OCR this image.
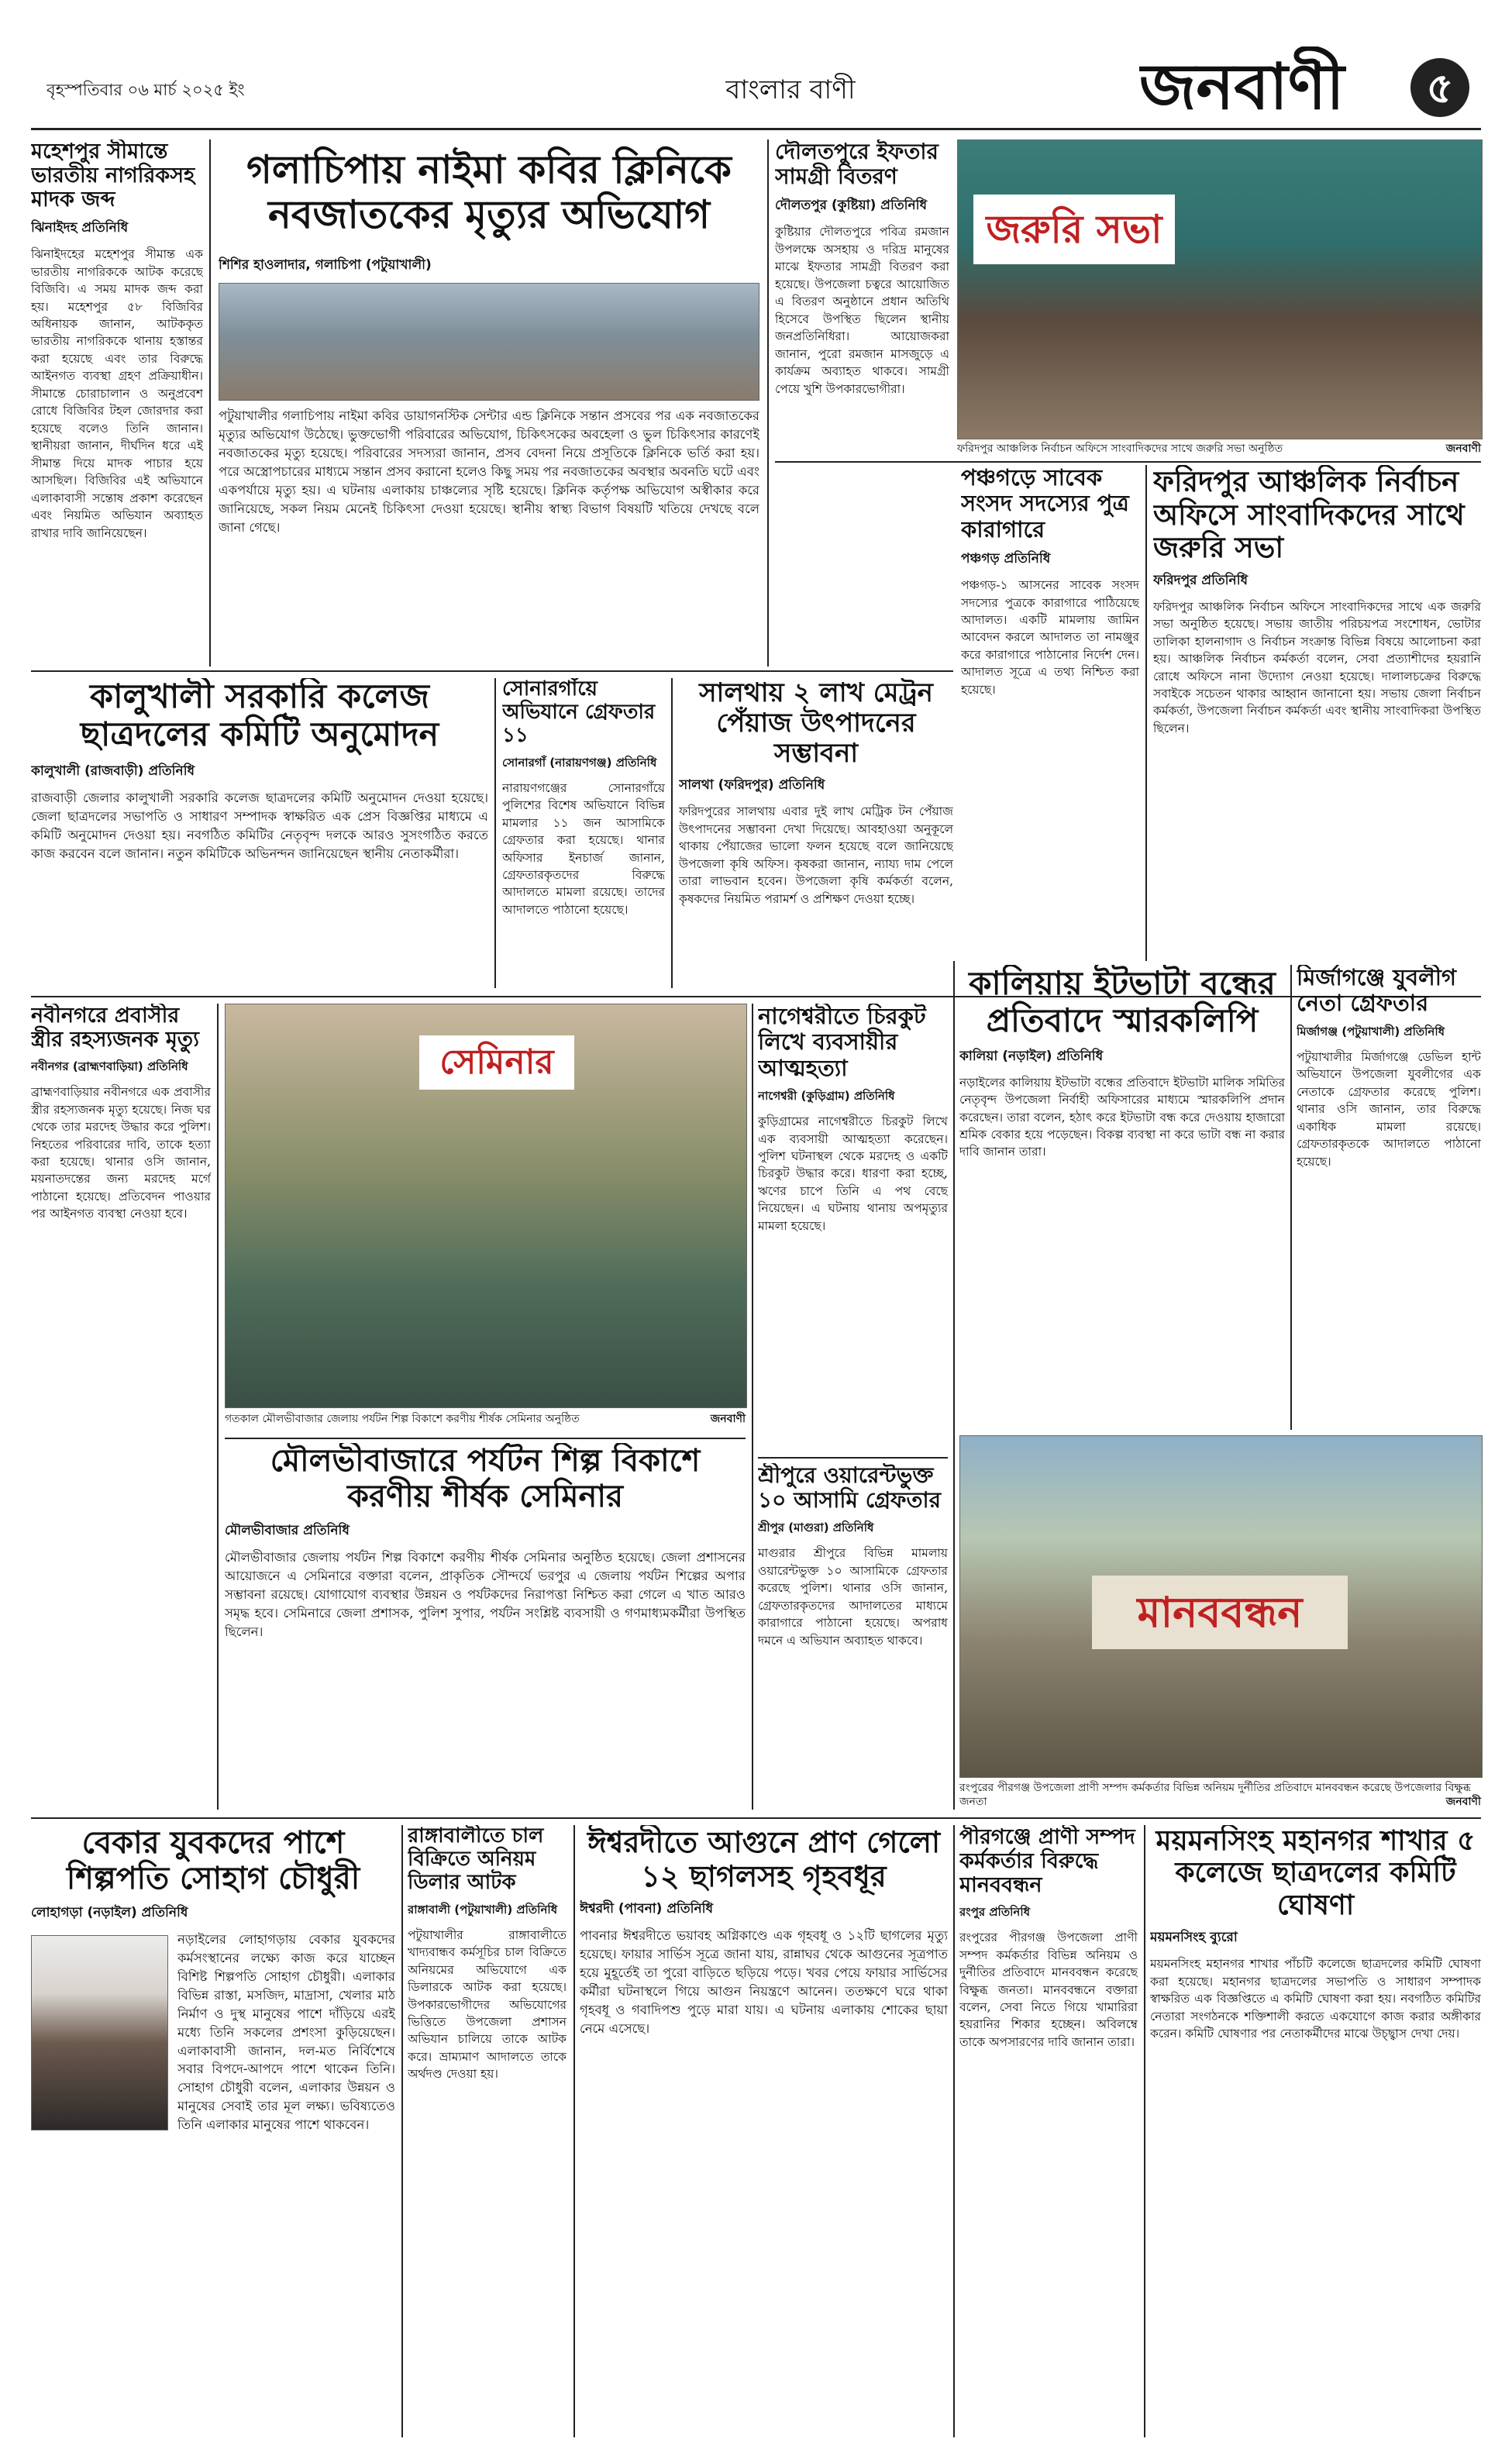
বৃহস্পতিবার ০৬ মার্চ ২০২৫ ইং	বাংলার বাণী	জনবাণী	৫
মহেশপুর সীমান্তে ভারতীয় নাগরিকসহ মাদক জব্দ
ঝিনাইদহ প্রতিনিধি

ঝিনাইদহের মহেশপুর সীমান্ত এক ভারতীয় নাগরিককে আটক করেছে বিজিবি। এ সময় মাদক জব্দ করা হয়। মহেশপুর ৫৮ বিজিবির অধিনায়ক জানান, আটককৃত ভারতীয় নাগরিককে থানায় হস্তান্তর করা হয়েছে এবং তার বিরুদ্ধে আইনগত ব্যবস্থা গ্রহণ প্রক্রিয়াধীন। সীমান্তে চোরাচালান ও অনুপ্রবেশ রোধে বিজিবির টহল জোরদার করা হয়েছে বলেও তিনি জানান। স্থানীয়রা জানান, দীর্ঘদিন ধরে এই সীমান্ত দিয়ে মাদক পাচার হয়ে আসছিল। বিজিবির এই অভিযানে এলাকাবাসী সন্তোষ প্রকাশ করেছেন এবং নিয়মিত অভিযান অব্যাহত রাখার দাবি জানিয়েছেন।

গলাচিপায় নাইমা কবির ক্লিনিকে নবজাতকের মৃত্যুর অভিযোগ
শিশির হাওলাদার, গলাচিপা (পটুয়াখালী)

পটুয়াখালীর গলাচিপায় নাইমা কবির ডায়াগনস্টিক সেন্টার এন্ড ক্লিনিকে সন্তান প্রসবের পর এক নবজাতকের মৃত্যুর অভিযোগ উঠেছে। ভুক্তভোগী পরিবারের অভিযোগ, চিকিৎসকের অবহেলা ও ভুল চিকিৎসার কারণেই নবজাতকের মৃত্যু হয়েছে। পরিবারের সদস্যরা জানান, প্রসব বেদনা নিয়ে প্রসূতিকে ক্লিনিকে ভর্তি করা হয়। পরে অস্ত্রোপচারের মাধ্যমে সন্তান প্রসব করানো হলেও কিছু সময় পর নবজাতকের অবস্থার অবনতি ঘটে এবং একপর্যায়ে মৃত্যু হয়। এ ঘটনায় এলাকায় চাঞ্চল্যের সৃষ্টি হয়েছে। ক্লিনিক কর্তৃপক্ষ অভিযোগ অস্বীকার করে জানিয়েছে, সকল নিয়ম মেনেই চিকিৎসা দেওয়া হয়েছে। স্থানীয় স্বাস্থ্য বিভাগ বিষয়টি খতিয়ে দেখছে বলে জানা গেছে।

দৌলতপুরে ইফতার সামগ্রী বিতরণ
দৌলতপুর (কুষ্টিয়া) প্রতিনিধি

কুষ্টিয়ার দৌলতপুরে পবিত্র রমজান উপলক্ষে অসহায় ও দরিদ্র মানুষের মাঝে ইফতার সামগ্রী বিতরণ করা হয়েছে। উপজেলা চত্বরে আয়োজিত এ বিতরণ অনুষ্ঠানে প্রধান অতিথি হিসেবে উপস্থিত ছিলেন স্থানীয় জনপ্রতিনিধিরা। আয়োজকরা জানান, পুরো রমজান মাসজুড়ে এ কার্যক্রম অব্যাহত থাকবে। সামগ্রী পেয়ে খুশি উপকারভোগীরা।

জরুরি সভা
ফরিদপুর আঞ্চলিক নির্বাচন অফিসে সাংবাদিকদের সাথে জরুরি সভা অনুষ্ঠিত	জনবাণী
পঞ্চগড়ে সাবেক সংসদ সদস্যের পুত্র কারাগারে
পঞ্চগড় প্রতিনিধি

পঞ্চগড়-১ আসনের সাবেক সংসদ সদস্যের পুত্রকে কারাগারে পাঠিয়েছে আদালত। একটি মামলায় জামিন আবেদন করলে আদালত তা নামঞ্জুর করে কারাগারে পাঠানোর নির্দেশ দেন। আদালত সূত্রে এ তথ্য নিশ্চিত করা হয়েছে।

ফরিদপুর আঞ্চলিক নির্বাচন অফিসে সাংবাদিকদের সাথে জরুরি সভা
ফরিদপুর প্রতিনিধি

ফরিদপুর আঞ্চলিক নির্বাচন অফিসে সাংবাদিকদের সাথে এক জরুরি সভা অনুষ্ঠিত হয়েছে। সভায় জাতীয় পরিচয়পত্র সংশোধন, ভোটার তালিকা হালনাগাদ ও নির্বাচন সংক্রান্ত বিভিন্ন বিষয়ে আলোচনা করা হয়। আঞ্চলিক নির্বাচন কর্মকর্তা বলেন, সেবা প্রত্যাশীদের হয়রানি রোধে অফিসে নানা উদ্যোগ নেওয়া হয়েছে। দালালচক্রের বিরুদ্ধে সবাইকে সচেতন থাকার আহ্বান জানানো হয়। সভায় জেলা নির্বাচন কর্মকর্তা, উপজেলা নির্বাচন কর্মকর্তা এবং স্থানীয় সাংবাদিকরা উপস্থিত ছিলেন।

কালুখালী সরকারি কলেজ ছাত্রদলের কমিটি অনুমোদন
কালুখালী (রাজবাড়ী) প্রতিনিধি

রাজবাড়ী জেলার কালুখালী সরকারি কলেজ ছাত্রদলের কমিটি অনুমোদন দেওয়া হয়েছে। জেলা ছাত্রদলের সভাপতি ও সাধারণ সম্পাদক স্বাক্ষরিত এক প্রেস বিজ্ঞপ্তির মাধ্যমে এ কমিটি অনুমোদন দেওয়া হয়। নবগঠিত কমিটির নেতৃবৃন্দ দলকে আরও সুসংগঠিত করতে কাজ করবেন বলে জানান। নতুন কমিটিকে অভিনন্দন জানিয়েছেন স্থানীয় নেতাকর্মীরা।

সোনারগাঁয়ে অভিযানে গ্রেফতার ১১
সোনারগাঁ (নারায়ণগঞ্জ) প্রতিনিধি

নারায়ণগঞ্জের সোনারগাঁয়ে পুলিশের বিশেষ অভিযানে বিভিন্ন মামলার ১১ জন আসামিকে গ্রেফতার করা হয়েছে। থানার অফিসার ইনচার্জ জানান, গ্রেফতারকৃতদের বিরুদ্ধে আদালতে মামলা রয়েছে। তাদের আদালতে পাঠানো হয়েছে।

সালথায় ২ লাখ মেট্রন পেঁয়াজ উৎপাদনের সম্ভাবনা
সালথা (ফরিদপুর) প্রতিনিধি

ফরিদপুরের সালথায় এবার দুই লাখ মেট্রিক টন পেঁয়াজ উৎপাদনের সম্ভাবনা দেখা দিয়েছে। আবহাওয়া অনুকূলে থাকায় পেঁয়াজের ভালো ফলন হয়েছে বলে জানিয়েছে উপজেলা কৃষি অফিস। কৃষকরা জানান, ন্যায্য দাম পেলে তারা লাভবান হবেন। উপজেলা কৃষি কর্মকর্তা বলেন, কৃষকদের নিয়মিত পরামর্শ ও প্রশিক্ষণ দেওয়া হচ্ছে।

নবীনগরে প্রবাসীর স্ত্রীর রহস্যজনক মৃত্যু
নবীনগর (ব্রাহ্মণবাড়িয়া) প্রতিনিধি

ব্রাহ্মণবাড়িয়ার নবীনগরে এক প্রবাসীর স্ত্রীর রহস্যজনক মৃত্যু হয়েছে। নিজ ঘর থেকে তার মরদেহ উদ্ধার করে পুলিশ। নিহতের পরিবারের দাবি, তাকে হত্যা করা হয়েছে। থানার ওসি জানান, ময়নাতদন্তের জন্য মরদেহ মর্গে পাঠানো হয়েছে। প্রতিবেদন পাওয়ার পর আইনগত ব্যবস্থা নেওয়া হবে।

সেমিনার
গতকাল মৌলভীবাজার জেলায় পর্যটন শিল্প বিকাশে করণীয় শীর্ষক সেমিনার অনুষ্ঠিত	জনবাণী
মৌলভীবাজারে পর্যটন শিল্প বিকাশে করণীয় শীর্ষক সেমিনার
মৌলভীবাজার প্রতিনিধি

মৌলভীবাজার জেলায় পর্যটন শিল্প বিকাশে করণীয় শীর্ষক সেমিনার অনুষ্ঠিত হয়েছে। জেলা প্রশাসনের আয়োজনে এ সেমিনারে বক্তারা বলেন, প্রাকৃতিক সৌন্দর্যে ভরপুর এ জেলায় পর্যটন শিল্পের অপার সম্ভাবনা রয়েছে। যোগাযোগ ব্যবস্থার উন্নয়ন ও পর্যটকদের নিরাপত্তা নিশ্চিত করা গেলে এ খাত আরও সমৃদ্ধ হবে। সেমিনারে জেলা প্রশাসক, পুলিশ সুপার, পর্যটন সংশ্লিষ্ট ব্যবসায়ী ও গণমাধ্যমকর্মীরা উপস্থিত ছিলেন।

নাগেশ্বরীতে চিরকুট লিখে ব্যবসায়ীর আত্মহত্যা
নাগেশ্বরী (কুড়িগ্রাম) প্রতিনিধি

কুড়িগ্রামের নাগেশ্বরীতে চিরকুট লিখে এক ব্যবসায়ী আত্মহত্যা করেছেন। পুলিশ ঘটনাস্থল থেকে মরদেহ ও একটি চিরকুট উদ্ধার করে। ধারণা করা হচ্ছে, ঋণের চাপে তিনি এ পথ বেছে নিয়েছেন। এ ঘটনায় থানায় অপমৃত্যুর মামলা হয়েছে।

শ্রীপুরে ওয়ারেন্টভুক্ত ১০ আসামি গ্রেফতার
শ্রীপুর (মাগুরা) প্রতিনিধি

মাগুরার শ্রীপুরে বিভিন্ন মামলায় ওয়ারেন্টভুক্ত ১০ আসামিকে গ্রেফতার করেছে পুলিশ। থানার ওসি জানান, গ্রেফতারকৃতদের আদালতের মাধ্যমে কারাগারে পাঠানো হয়েছে। অপরাধ দমনে এ অভিযান অব্যাহত থাকবে।

কালিয়ায় ইটভাটা বন্ধের প্রতিবাদে স্মারকলিপি
কালিয়া (নড়াইল) প্রতিনিধি

নড়াইলের কালিয়ায় ইটভাটা বন্ধের প্রতিবাদে ইটভাটা মালিক সমিতির নেতৃবৃন্দ উপজেলা নির্বাহী অফিসারের মাধ্যমে স্মারকলিপি প্রদান করেছেন। তারা বলেন, হঠাৎ করে ইটভাটা বন্ধ করে দেওয়ায় হাজারো শ্রমিক বেকার হয়ে পড়েছেন। বিকল্প ব্যবস্থা না করে ভাটা বন্ধ না করার দাবি জানান তারা।

মির্জাগঞ্জে যুবলীগ নেতা গ্রেফতার
মির্জাগঞ্জ (পটুয়াখালী) প্রতিনিধি

পটুয়াখালীর মির্জাগঞ্জে ডেভিল হান্ট অভিযানে উপজেলা যুবলীগের এক নেতাকে গ্রেফতার করেছে পুলিশ। থানার ওসি জানান, তার বিরুদ্ধে একাধিক মামলা রয়েছে। গ্রেফতারকৃতকে আদালতে পাঠানো হয়েছে।

মানববন্ধন
রংপুরের পীরগঞ্জ উপজেলা প্রাণী সম্পদ কর্মকর্তার বিভিন্ন অনিয়ম দুর্নীতির প্রতিবাদে মানববন্ধন করেছে উপজেলার বিক্ষুব্ধ জনতা	জনবাণী
বেকার যুবকদের পাশে শিল্পপতি সোহাগ চৌধুরী
লোহাগড়া (নড়াইল) প্রতিনিধি

নড়াইলের লোহাগড়ায় বেকার যুবকদের কর্মসংস্থানের লক্ষ্যে কাজ করে যাচ্ছেন বিশিষ্ট শিল্পপতি সোহাগ চৌধুরী। এলাকার বিভিন্ন রাস্তা, মসজিদ, মাদ্রাসা, খেলার মাঠ নির্মাণ ও দুস্থ মানুষের পাশে দাঁড়িয়ে এরই মধ্যে তিনি সকলের প্রশংসা কুড়িয়েছেন। এলাকাবাসী জানান, দল-মত নির্বিশেষে সবার বিপদে-আপদে পাশে থাকেন তিনি। সোহাগ চৌধুরী বলেন, এলাকার উন্নয়ন ও মানুষের সেবাই তার মূল লক্ষ্য। ভবিষ্যতেও তিনি এলাকার মানুষের পাশে থাকবেন।

রাঙ্গাবালীতে চাল বিক্রিতে অনিয়ম ডিলার আটক
রাঙ্গাবালী (পটুয়াখালী) প্রতিনিধি

পটুয়াখালীর রাঙ্গাবালীতে খাদ্যবান্ধব কর্মসূচির চাল বিক্রিতে অনিয়মের অভিযোগে এক ডিলারকে আটক করা হয়েছে। উপকারভোগীদের অভিযোগের ভিত্তিতে উপজেলা প্রশাসন অভিযান চালিয়ে তাকে আটক করে। ভ্রাম্যমাণ আদালতে তাকে অর্থদণ্ড দেওয়া হয়।

ঈশ্বরদীতে আগুনে প্রাণ গেলো ১২ ছাগলসহ গৃহবধূর
ঈশ্বরদী (পাবনা) প্রতিনিধি

পাবনার ঈশ্বরদীতে ভয়াবহ অগ্নিকাণ্ডে এক গৃহবধূ ও ১২টি ছাগলের মৃত্যু হয়েছে। ফায়ার সার্ভিস সূত্রে জানা যায়, রান্নাঘর থেকে আগুনের সূত্রপাত হয়ে মুহূর্তেই তা পুরো বাড়িতে ছড়িয়ে পড়ে। খবর পেয়ে ফায়ার সার্ভিসের কর্মীরা ঘটনাস্থলে গিয়ে আগুন নিয়ন্ত্রণে আনেন। ততক্ষণে ঘরে থাকা গৃহবধূ ও গবাদিপশু পুড়ে মারা যায়। এ ঘটনায় এলাকায় শোকের ছায়া নেমে এসেছে।

পীরগঞ্জে প্রাণী সম্পদ কর্মকর্তার বিরুদ্ধে মানববন্ধন
রংপুর প্রতিনিধি

রংপুরের পীরগঞ্জ উপজেলা প্রাণী সম্পদ কর্মকর্তার বিভিন্ন অনিয়ম ও দুর্নীতির প্রতিবাদে মানববন্ধন করেছে বিক্ষুব্ধ জনতা। মানববন্ধনে বক্তারা বলেন, সেবা নিতে গিয়ে খামারিরা হয়রানির শিকার হচ্ছেন। অবিলম্বে তাকে অপসারণের দাবি জানান তারা।

ময়মনসিংহ মহানগর শাখার ৫ কলেজে ছাত্রদলের কমিটি ঘোষণা
ময়মনসিংহ ব্যুরো

ময়মনসিংহ মহানগর শাখার পাঁচটি কলেজে ছাত্রদলের কমিটি ঘোষণা করা হয়েছে। মহানগর ছাত্রদলের সভাপতি ও সাধারণ সম্পাদক স্বাক্ষরিত এক বিজ্ঞপ্তিতে এ কমিটি ঘোষণা করা হয়। নবগঠিত কমিটির নেতারা সংগঠনকে শক্তিশালী করতে একযোগে কাজ করার অঙ্গীকার করেন। কমিটি ঘোষণার পর নেতাকর্মীদের মাঝে উচ্ছ্বাস দেখা দেয়।
